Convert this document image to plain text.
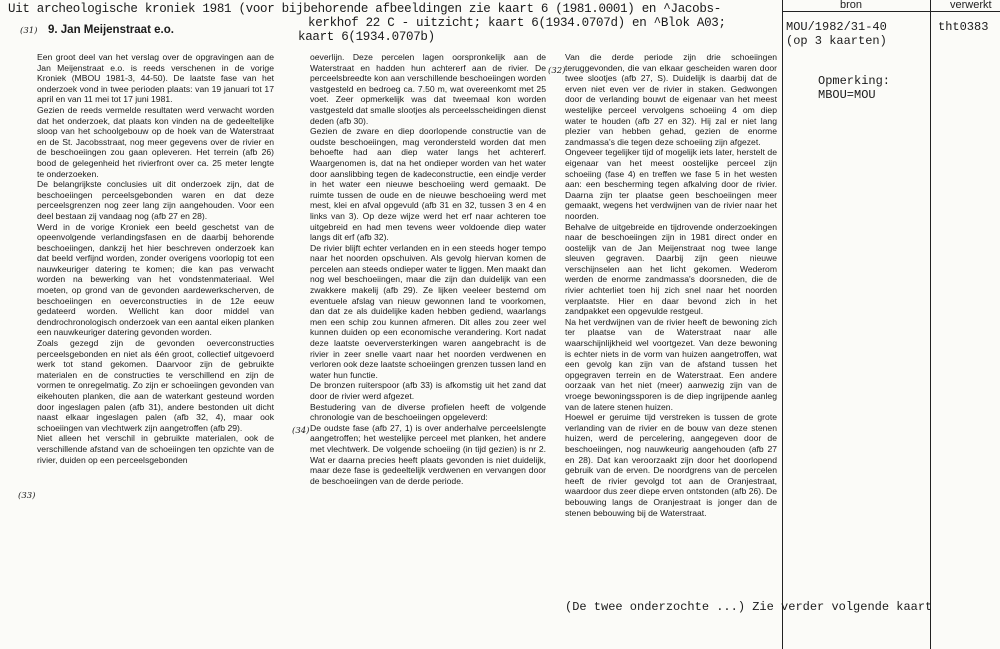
Uit archeologische kroniek 1981 (voor bijbehorende afbeeldingen zie kaart 6 (1981.0001) en ^Jacobs-
kerkhof 22 C - uitzicht; kaart 6(1934.0707d) en ^Blok A03;
kaart 6(1934.0707b)
bron	verwerkt
MOU/1982/31-40
(op 3 kaarten)
tht0383
Opmerking:
MBOU=MOU
9. Jan Meijenstraat e.o.
(31)
(32)
(33)
(34)

Een groot deel van het verslag over de opgravingen aan de Jan Meijenstraat e.o. is reeds verschenen in de vorige Kroniek (MBOU 1981-3, 44-50). De laatste fase van het onderzoek vond in twee perioden plaats: van 19 januari tot 17 april en van 11 mei tot 17 juni 1981.

Gezien de reeds vermelde resultaten werd verwacht worden dat het onderzoek, dat plaats kon vinden na de gedeeltelijke sloop van het schoolgebouw op de hoek van de Waterstraat en de St. Jacobsstraat, nog meer gegevens over de rivier en de beschoeiingen zou gaan opleveren. Het terrein (afb 26) bood de gelegenheid het rivierfront over ca. 25 meter lengte te onderzoeken.

De belangrijkste conclusies uit dit onderzoek zijn, dat de beschoeiingen perceelsgebonden waren en dat deze perceelsgrenzen nog zeer lang zijn aangehouden. Voor een deel bestaan zij vandaag nog (afb 27 en 28).

Werd in de vorige Kroniek een beeld geschetst van de opeenvolgende verlandingsfasen en de daarbij behorende beschoeiingen, dankzij het hier beschreven onderzoek kan dat beeld verfijnd worden, zonder overigens voorlopig tot een nauwkeuriger datering te komen; die kan pas verwacht worden na bewerking van het vondstenmateriaal. Wel moeten, op grond van de gevonden aardewerkscherven, de beschoeiingen en oeverconstructies in de 12e eeuw gedateerd worden. Wellicht kan door middel van dendrochronologisch onderzoek van een aantal eiken planken een nauwkeuriger datering gevonden worden.

Zoals gezegd zijn de gevonden oeverconstructies perceelsgebonden en niet als één groot, collectief uitgevoerd werk tot stand gekomen. Daarvoor zijn de gebruikte materialen en de constructies te verschillend en zijn de vormen te onregelmatig. Zo zijn er schoeiingen gevonden van eikehouten planken, die aan de waterkant gesteund worden door ingeslagen palen (afb 31), andere bestonden uit dicht naast elkaar ingeslagen palen (afb 32, 4), maar ook schoeiingen van vlechtwerk zijn aangetroffen (afb 29).

Niet alleen het verschil in gebruikte materialen, ook de verschillende afstand van de schoeiingen ten opzichte van de rivier, duiden op een perceelsgebonden

oeverlijn. Deze percelen lagen oorspronkelijk aan de Waterstraat en hadden hun achtererf aan de rivier. De perceelsbreedte kon aan verschillende beschoeiingen worden vastgesteld en bedroeg ca. 7.50 m, wat overeenkomt met 25 voet. Zeer opmerkelijk was dat tweemaal kon worden vastgesteld dat smalle slootjes als perceelsscheidingen dienst deden (afb 30).

Gezien de zware en diep doorlopende constructie van de oudste beschoeiingen, mag verondersteld worden dat men behoefte had aan diep water langs het achtererf. Waargenomen is, dat na het ondieper worden van het water door aanslibbing tegen de kadeconstructie, een eindje verder in het water een nieuwe beschoeiing werd gemaakt. De ruimte tussen de oude en de nieuwe beschoeiing werd met mest, klei en afval opgevuld (afb 31 en 32, tussen 3 en 4 en links van 3). Op deze wijze werd het erf naar achteren toe uitgebreid en had men tevens weer voldoende diep water langs dit erf (afb 32).

De rivier blijft echter verlanden en in een steeds hoger tempo naar het noorden opschuiven. Als gevolg hiervan komen de percelen aan steeds ondieper water te liggen. Men maakt dan nog wel beschoeiingen, maar die zijn dan duidelijk van een zwakkere makelij (afb 29). Ze lijken veeleer bestemd om eventuele afslag van nieuw gewonnen land te voorkomen, dan dat ze als duidelijke kaden hebben gediend, waarlangs men een schip zou kunnen afmeren. Dit alles zou zeer wel kunnen duiden op een economische verandering. Kort nadat deze laatste oeverversterkingen waren aangebracht is de rivier in zeer snelle vaart naar het noorden verdwenen en verloren ook deze laatste schoeiingen grenzen tussen land en water hun functie.

De bronzen ruiterspoor (afb 33) is afkomstig uit het zand dat door de rivier werd afgezet.

Bestudering van de diverse profielen heeft de volgende chronologie van de beschoeiingen opgeleverd:

De oudste fase (afb 27, 1) is over anderhalve perceelslengte aangetroffen; het westelijke perceel met planken, het andere met vlechtwerk. De volgende schoeiing (in tijd gezien) is nr 2. Wat er daarna precies heeft plaats gevonden is niet duidelijk, maar deze fase is gedeeltelijk verdwenen en vervangen door de beschoeiingen van de derde periode.

Van die derde periode zijn drie schoeiingen teruggevonden, die van elkaar gescheiden waren door twee slootjes (afb 27, S). Duidelijk is daarbij dat de erven niet even ver de rivier in staken. Gedwongen door de verlanding bouwt de eigenaar van het meest westelijke perceel vervolgens schoeiing 4 om diep water te houden (afb 27 en 32). Hij zal er niet lang plezier van hebben gehad, gezien de enorme zandmassa's die tegen deze schoeiing zijn afgezet.

Ongeveer tegelijker tijd of mogelijk iets later, herstelt de eigenaar van het meest oostelijke perceel zijn schoeiing (fase 4) en treffen we fase 5 in het westen aan: een bescherming tegen afkalving door de rivier. Daarna zijn ter plaatse geen beschoeiingen meer gemaakt, wegens het verdwijnen van de rivier naar het noorden.

Behalve de uitgebreide en tijdrovende onderzoekingen naar de beschoeiingen zijn in 1981 direct onder en oostelijk van de Jan Meijenstraat nog twee lange sleuven gegraven. Daarbij zijn geen nieuwe verschijnselen aan het licht gekomen. Wederom werden de enorme zandmassa's doorsneden, die de rivier achterliet toen hij zich snel naar het noorden verplaatste. Hier en daar bevond zich in het zandpakket een opgevulde restgeul.

Na het verdwijnen van de rivier heeft de bewoning zich ter plaatse van de Waterstraat naar alle waarschijnlijkheid wel voortgezet. Van deze bewoning is echter niets in de vorm van huizen aangetroffen, wat een gevolg kan zijn van de afstand tussen het opgegraven terrein en de Waterstraat. Een andere oorzaak van het niet (meer) aanwezig zijn van de vroege bewoningssporen is de diep ingrijpende aanleg van de latere stenen huizen.

Hoewel er geruime tijd verstreken is tussen de grote verlanding van de rivier en de bouw van deze stenen huizen, werd de percelering, aangegeven door de beschoeiingen, nog nauwkeurig aangehouden (afb 27 en 28). Dat kan veroorzaakt zijn door het doorlopend gebruik van de erven. De noordgrens van de percelen heeft de rivier gevolgd tot aan de Oranjestraat, waardoor dus zeer diepe erven ontstonden (afb 26). De bebouwing langs de Oranjestraat is jonger dan de stenen bebouwing bij de Waterstraat.

(De twee onderzochte ...) Zie verder volgende kaart
